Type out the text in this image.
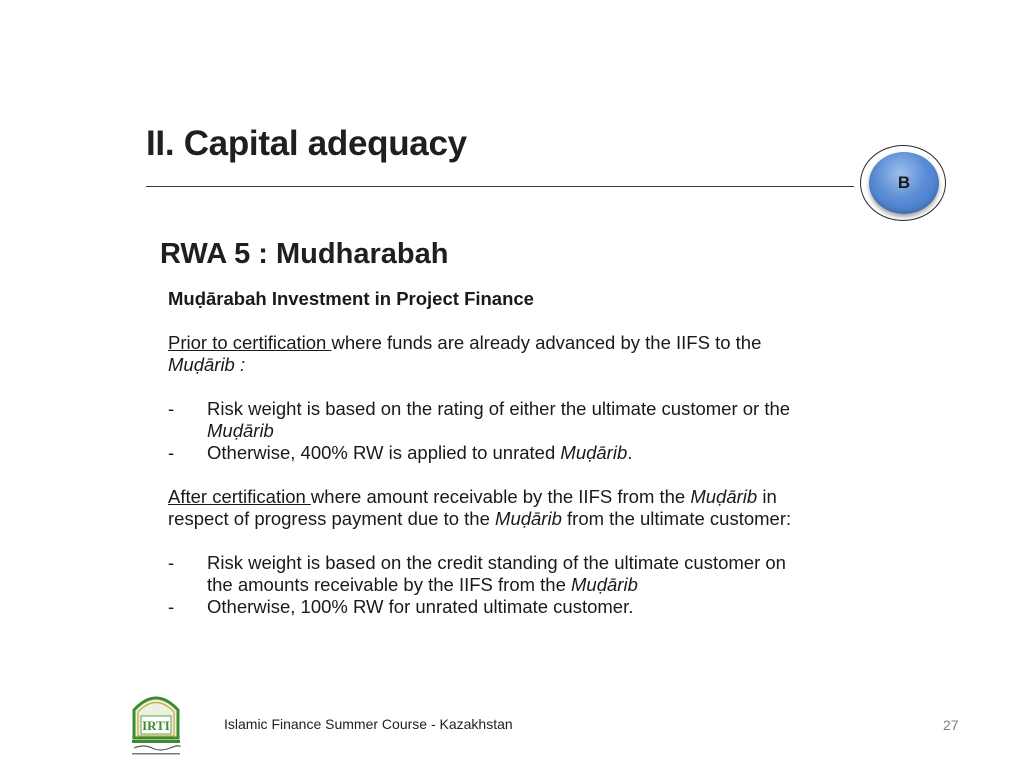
II. Capital adequacy
B
RWA 5 : Mudharabah

Muḍārabah Investment in Project Finance

Prior to certification where funds are already advanced by the IIFS to the
Muḍārib :

- Risk weight is based on the rating of either the ultimate customer or the
Muḍārib

- Otherwise, 400% RW is applied to unrated Muḍārib.

After certification where amount receivable by the IIFS from the Muḍārib in
respect of progress payment due to the Muḍārib from the ultimate customer:

- Risk weight is based on the credit standing of the ultimate customer on
the amounts receivable by the IIFS from the Muḍārib

- Otherwise, 100% RW for unrated ultimate customer.

IRTI	Islamic Finance Summer Course - Kazakhstan	27
